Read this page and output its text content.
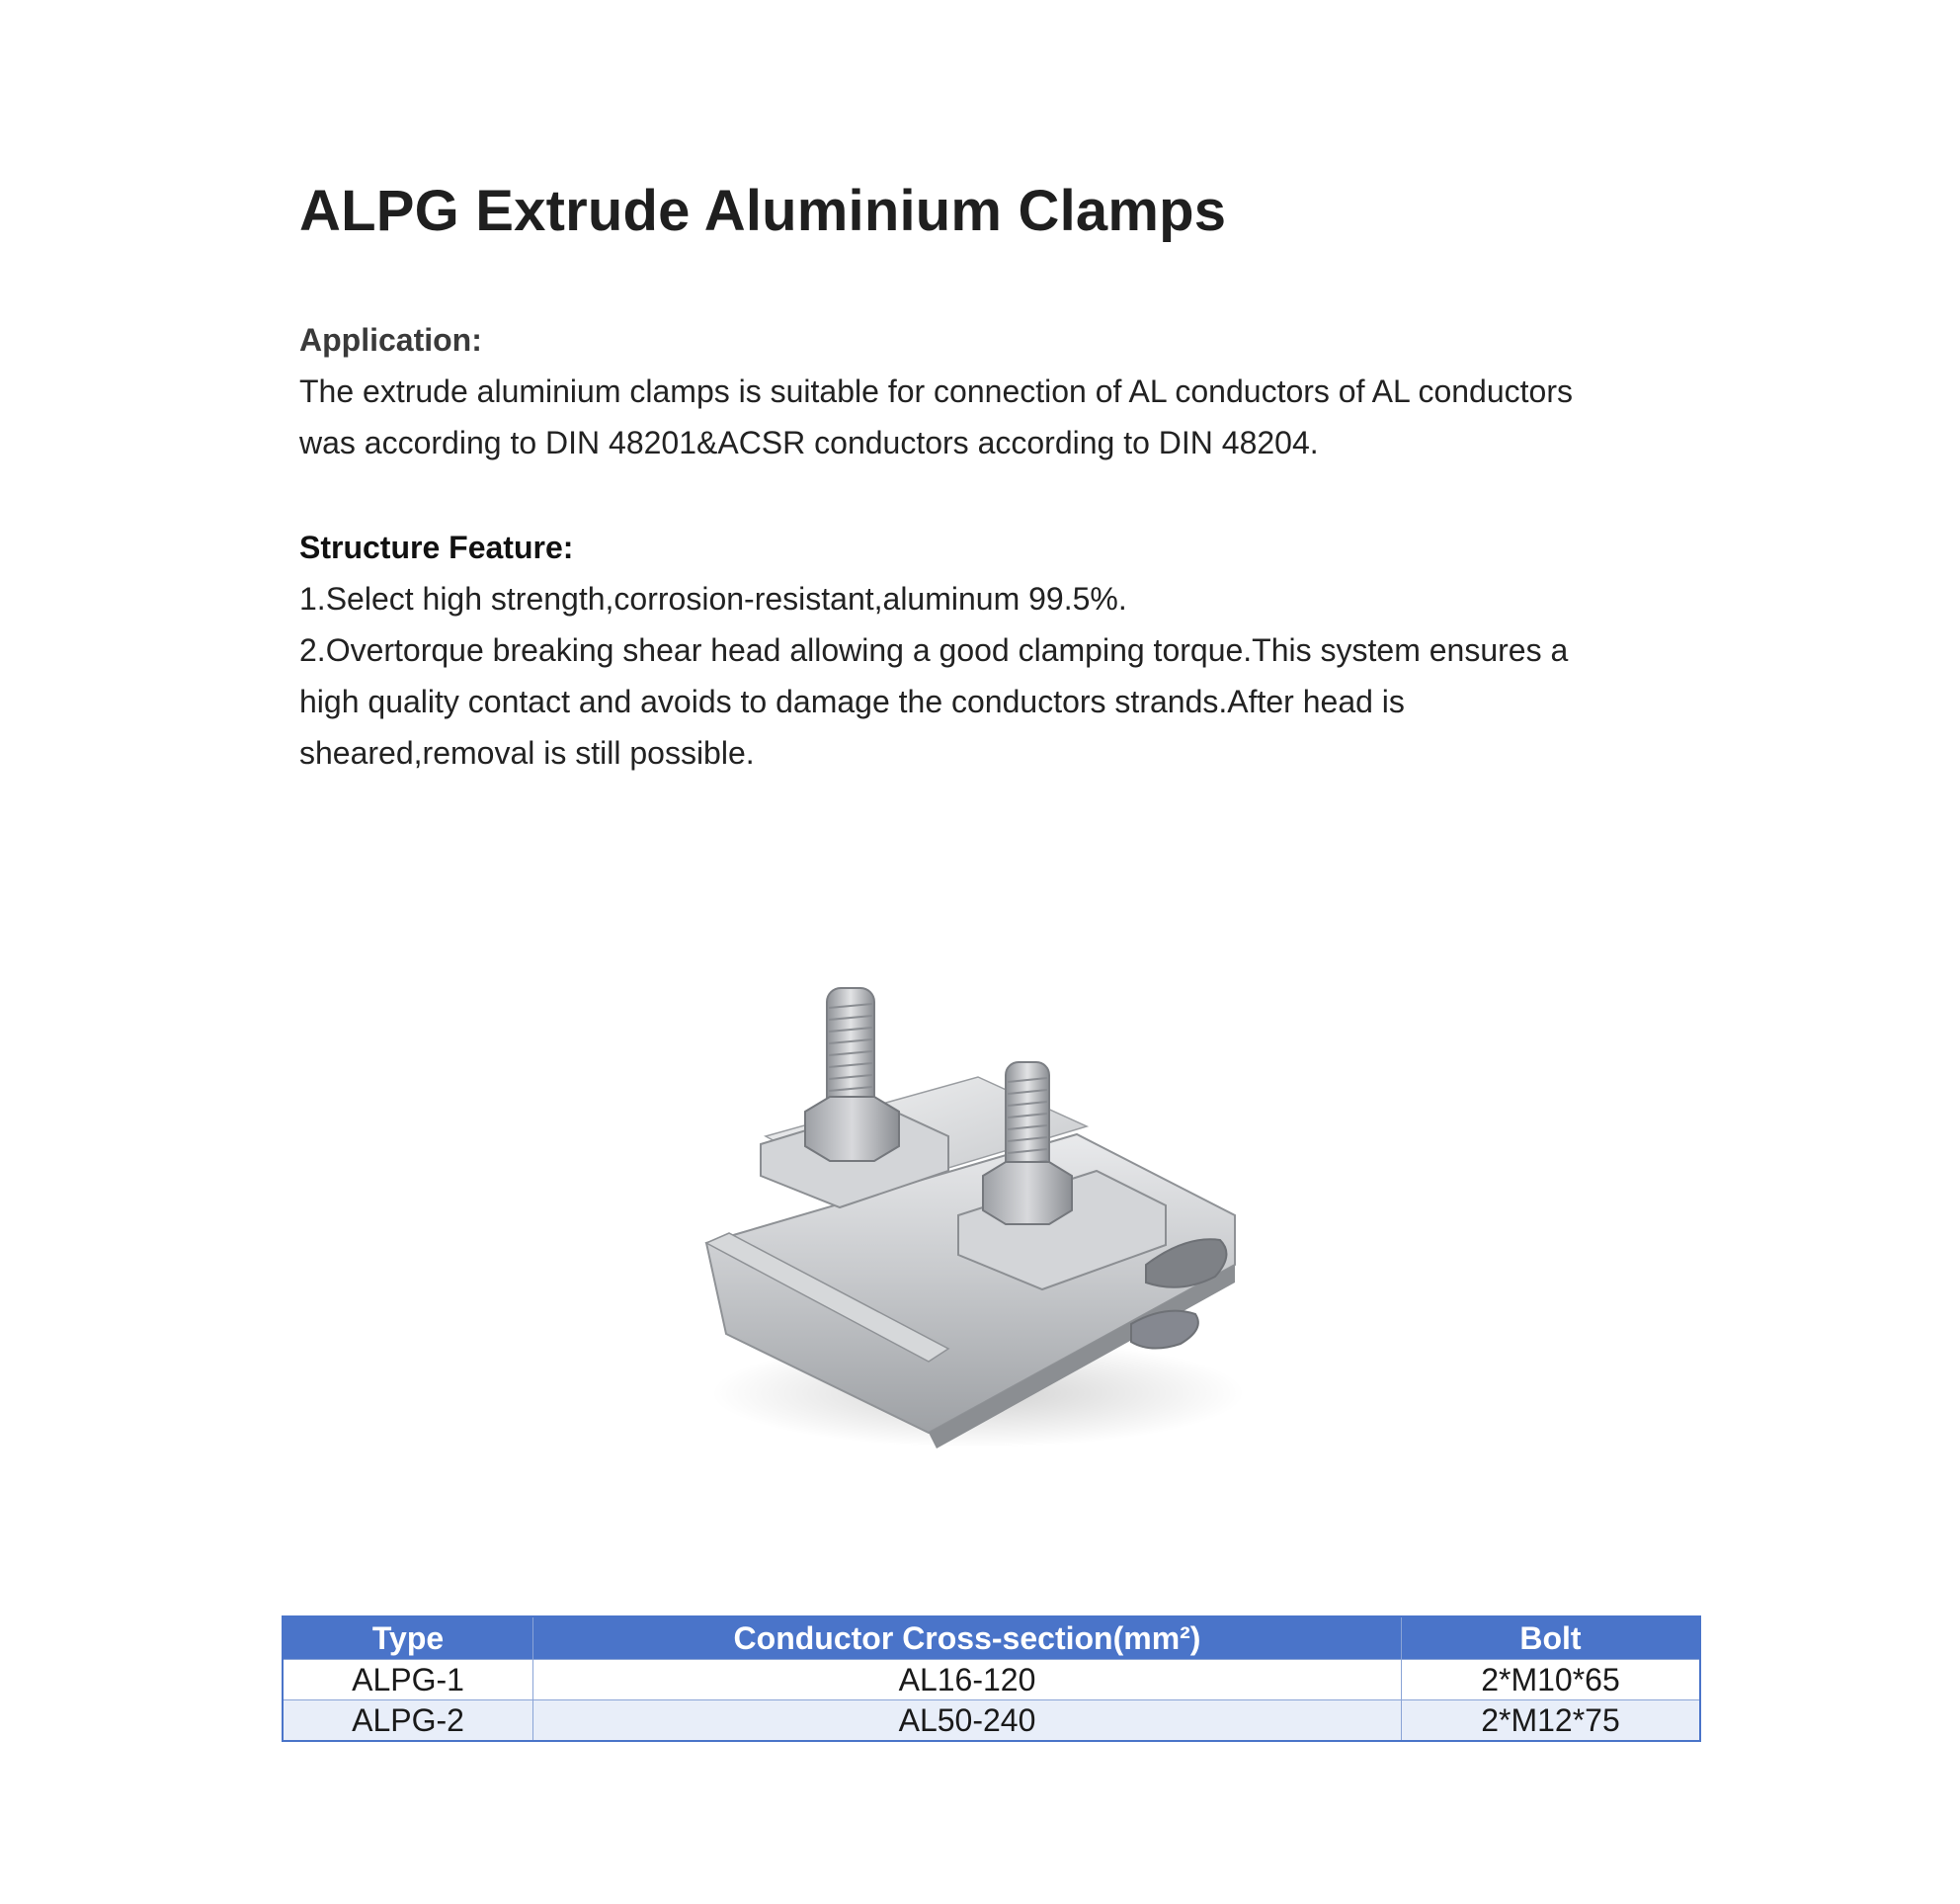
ALPG Extrude Aluminium Clamps
Application:
The extrude aluminium clamps is suitable for connection of AL conductors of AL conductors
was according to DIN 48201&ACSR conductors according to DIN 48204.
Structure Feature:
1.Select high strength,corrosion-resistant,aluminum 99.5%.
2.Overtorque breaking shear head allowing a good clamping torque.This system ensures a
high quality contact and avoids to damage the conductors strands.After head is
sheared,removal is still possible.
Type	Conductor Cross-section(mm²)	Bolt
ALPG-1	AL16-120	2*M10*65
ALPG-2	AL50-240	2*M12*75
